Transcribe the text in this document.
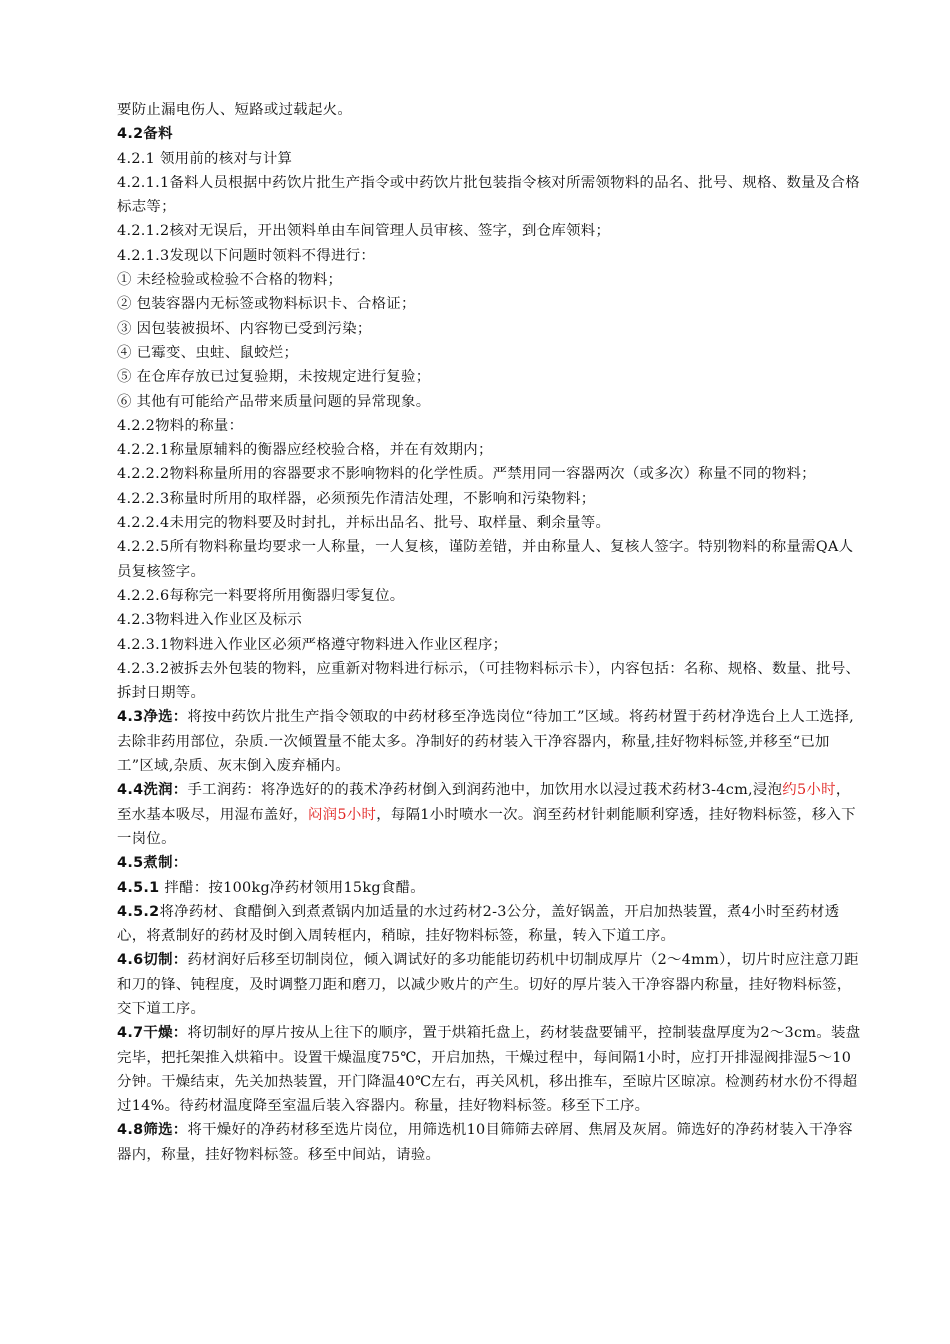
要防止漏电伤人、短路或过载起火。

4.2备料

4.2.1 领用前的核对与计算

4.2.1.1备料人员根据中药饮片批生产指令或中药饮片批包装指令核对所需领物料的品名、批号、规格、数量及合格标志等；

4.2.1.2核对无误后，开出领料单由车间管理人员审核、签字，到仓库领料；

4.2.1.3发现以下问题时领料不得进行：

① 未经检验或检验不合格的物料；

② 包装容器内无标签或物料标识卡、合格证；

③ 因包装被损坏、内容物已受到污染；

④ 已霉变、虫蛀、鼠蛟烂；

⑤ 在仓库存放已过复验期，未按规定进行复验；

⑥ 其他有可能给产品带来质量问题的异常现象。

4.2.2物料的称量：

4.2.2.1称量原辅料的衡器应经校验合格，并在有效期内；

4.2.2.2物料称量所用的容器要求不影响物料的化学性质。严禁用同一容器两次（或多次）称量不同的物料；

4.2.2.3称量时所用的取样器，必须预先作清洁处理，不影响和污染物料；

4.2.2.4未用完的物料要及时封扎，并标出品名、批号、取样量、剩余量等。

4.2.2.5所有物料称量均要求一人称量，一人复核，谨防差错，并由称量人、复核人签字。特别物料的称量需QA人员复核签字。

4.2.2.6每称完一料要将所用衡器归零复位。

4.2.3物料进入作业区及标示

4.2.3.1物料进入作业区必须严格遵守物料进入作业区程序；

4.2.3.2被拆去外包装的物料，应重新对物料进行标示，（可挂物料标示卡），内容包括：名称、规格、数量、批号、拆封日期等。

4.3净选：将按中药饮片批生产指令领取的中药材移至净选岗位“待加工”区域。将药材置于药材净选台上人工选择,去除非药用部位，杂质.一次倾置量不能太多。净制好的药材装入干净容器内，称量,挂好物料标签,并移至“已加工”区域,杂质、灰末倒入废弃桶内。

4.4洗润：手工润药：将净选好的的莪术净药材倒入到润药池中，加饮用水以浸过莪术药材3-4cm,浸泡约5小时，至水基本吸尽，用湿布盖好，闷润5小时，每隔1小时喷水一次。润至药材针刺能顺利穿透，挂好物料标签，移入下一岗位。

4.5煮制：

4.5.1 拌醋：按100kg净药材领用15kg食醋。

4.5.2将净药材、食醋倒入到煮煮锅内加适量的水过药材2-3公分，盖好锅盖，开启加热装置，煮4小时至药材透心，将煮制好的药材及时倒入周转框内，稍晾，挂好物料标签，称量，转入下道工序。

4.6切制：药材润好后移至切制岗位，倾入调试好的多功能能切药机中切制成厚片（2～4mm），切片时应注意刀距和刀的锋、钝程度，及时调整刀距和磨刀，以减少败片的产生。切好的厚片装入干净容器内称量，挂好物料标签，交下道工序。

4.7干燥：将切制好的厚片按从上往下的顺序，置于烘箱托盘上，药材装盘要铺平，控制装盘厚度为2～3cm。装盘完毕，把托架推入烘箱中。设置干燥温度75℃，开启加热，干燥过程中，每间隔1小时，应打开排湿阀排湿5～10分钟。干燥结束，先关加热装置，开门降温40℃左右，再关风机，移出推车，至晾片区晾凉。检测药材水份不得超过14%。待药材温度降至室温后装入容器内。称量，挂好物料标签。移至下工序。

4.8筛选：将干燥好的净药材移至选片岗位，用筛选机10目筛筛去碎屑、焦屑及灰屑。筛选好的净药材装入干净容器内，称量，挂好物料标签。移至中间站，请验。
